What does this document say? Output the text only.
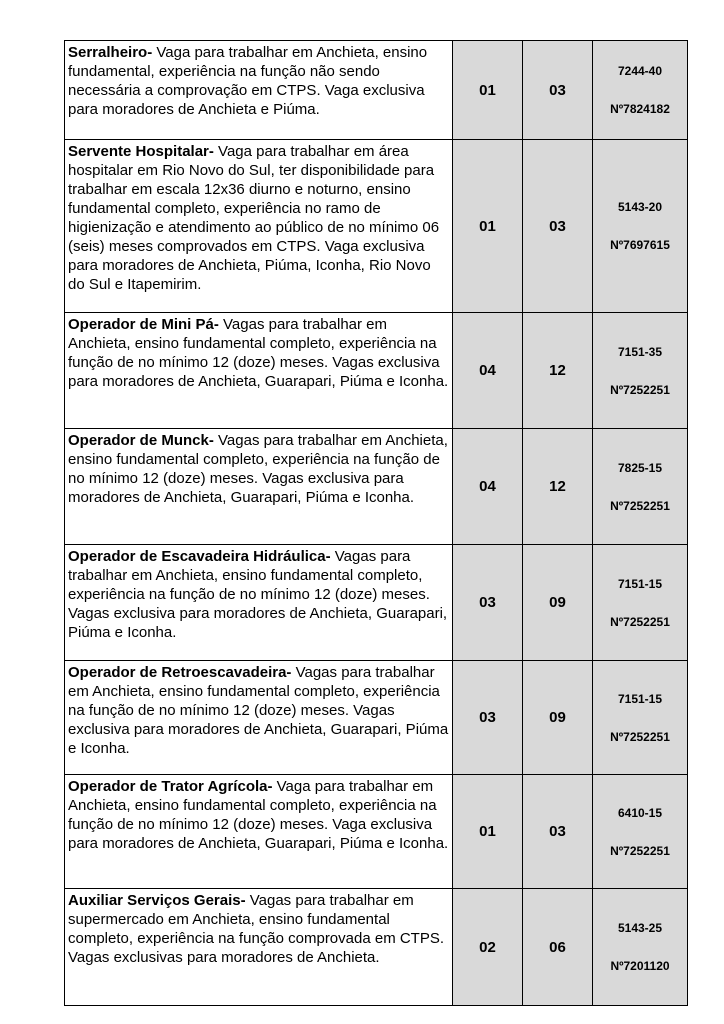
Serralheiro- Vaga para trabalhar em Anchieta, ensino fundamental, experiência na função não sendo necessária a comprovação em CTPS. Vaga exclusiva para moradores de Anchieta e Piúma.	01	03	7244-40
Nº7824182

Servente Hospitalar- Vaga para trabalhar em área hospitalar em Rio Novo do Sul, ter disponibilidade para trabalhar em escala 12x36 diurno e noturno, ensino fundamental completo, experiência no ramo de higienização e atendimento ao público de no mínimo 06 (seis) meses comprovados em CTPS. Vaga exclusiva para moradores de Anchieta, Piúma, Iconha, Rio Novo do Sul e Itapemirim.	01	03	5143-20
Nº7697615

Operador de Mini Pá- Vagas para trabalhar em Anchieta, ensino fundamental completo, experiência na função de no mínimo 12 (doze) meses. Vagas exclusiva para moradores de Anchieta, Guarapari, Piúma e Iconha.	04	12	7151-35
Nº7252251

Operador de Munck- Vagas para trabalhar em Anchieta, ensino fundamental completo, experiência na função de no mínimo 12 (doze) meses. Vagas exclusiva para moradores de Anchieta, Guarapari, Piúma e Iconha.	04	12	7825-15
Nº7252251

Operador de Escavadeira Hidráulica- Vagas para trabalhar em Anchieta, ensino fundamental completo, experiência na função de no mínimo 12 (doze) meses. Vagas exclusiva para moradores de Anchieta, Guarapari, Piúma e Iconha.	03	09	7151-15
Nº7252251

Operador de Retroescavadeira- Vagas para trabalhar em Anchieta, ensino fundamental completo, experiência na função de no mínimo 12 (doze) meses. Vagas exclusiva para moradores de Anchieta, Guarapari, Piúma e Iconha.	03	09	7151-15
Nº7252251

Operador de Trator Agrícola- Vaga para trabalhar em Anchieta, ensino fundamental completo, experiência na função de no mínimo 12 (doze) meses. Vaga exclusiva para moradores de Anchieta, Guarapari, Piúma e Iconha.	01	03	6410-15
Nº7252251

Auxiliar Serviços Gerais- Vagas para trabalhar em supermercado em Anchieta, ensino fundamental completo, experiência na função comprovada em CTPS. Vagas exclusivas para moradores de Anchieta.	02	06	5143-25
Nº7201120
